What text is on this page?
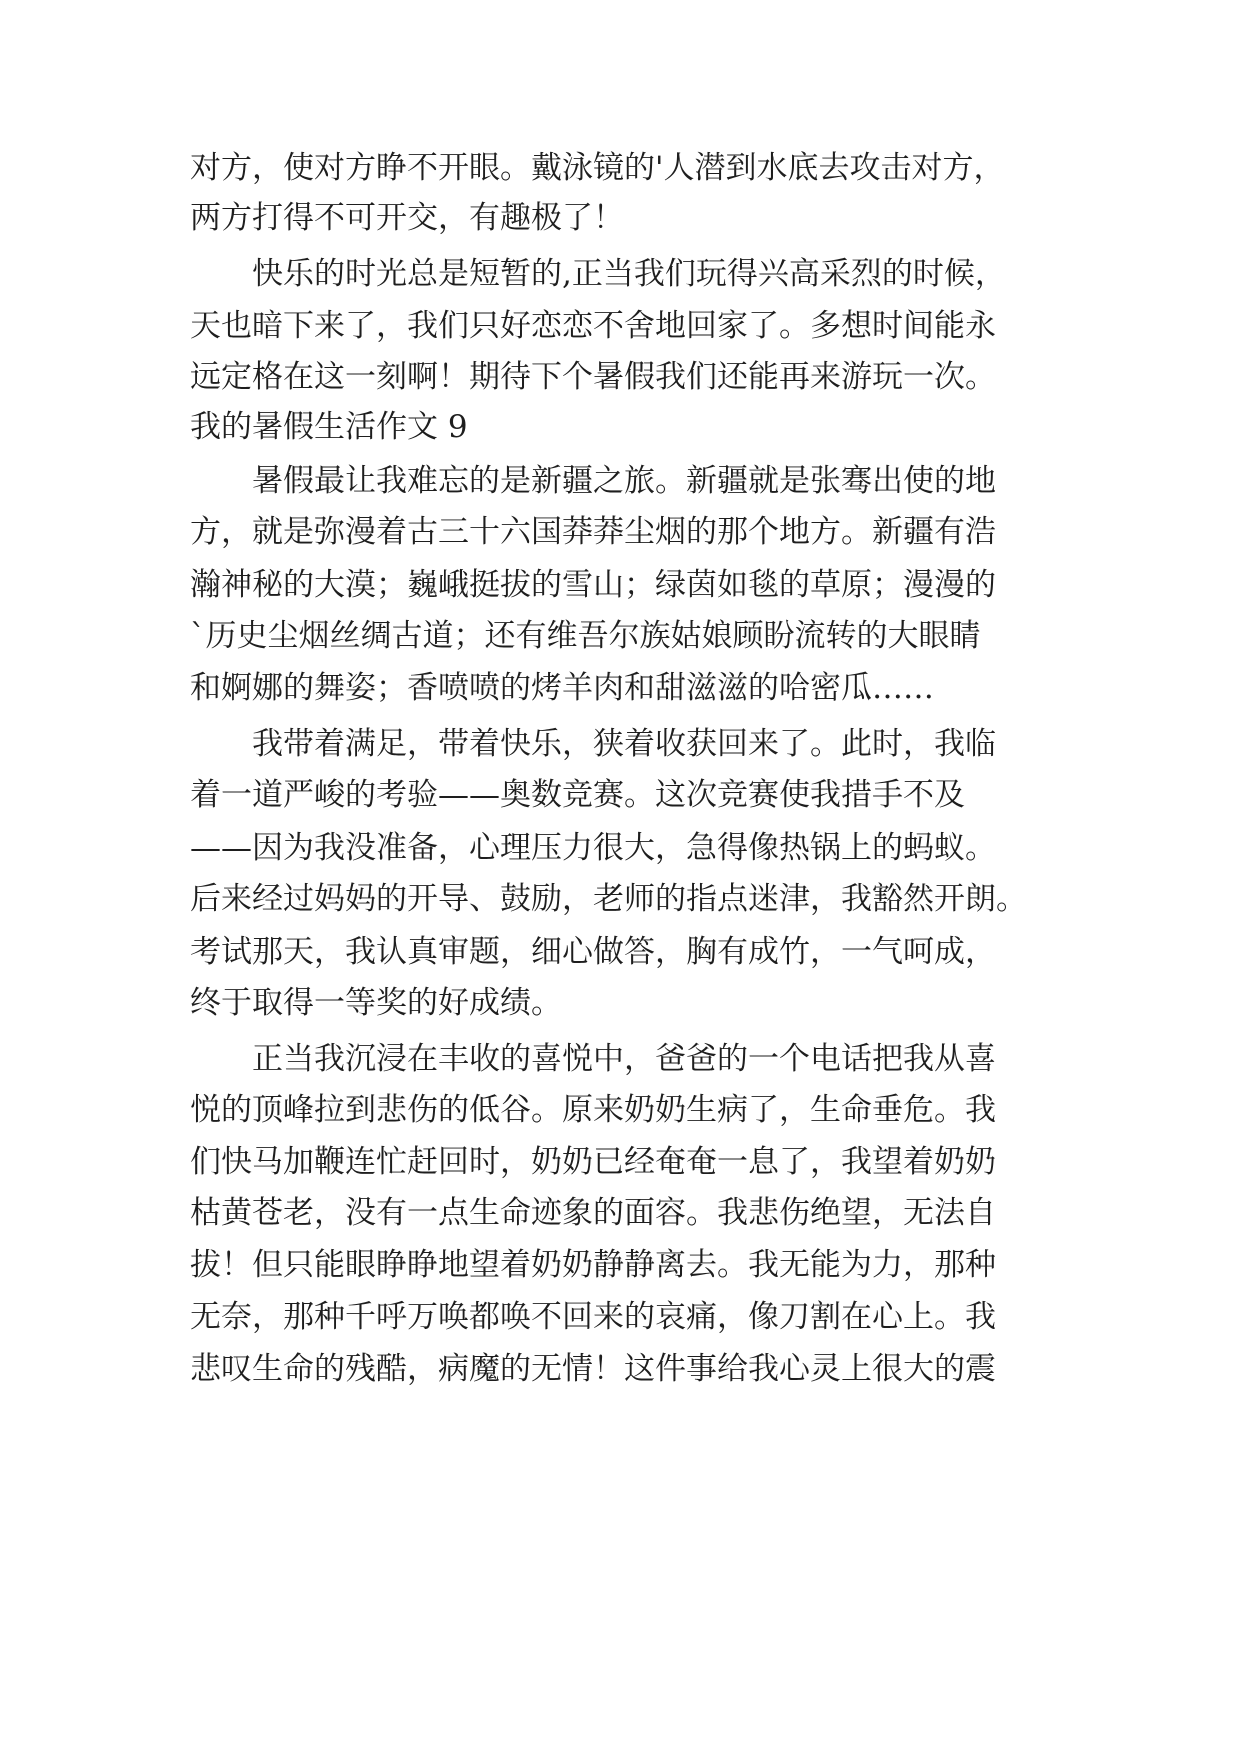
对方，使对方睁不开眼。戴泳镜的'人潜到水底去攻击对方，

两方打得不可开交，有趣极了！

快乐的时光总是短暂的,正当我们玩得兴高采烈的时候，

天也暗下来了，我们只好恋恋不舍地回家了。多想时间能永

远定格在这一刻啊！期待下个暑假我们还能再来游玩一次。

我的暑假生活作文 9

暑假最让我难忘的是新疆之旅。新疆就是张骞出使的地

方，就是弥漫着古三十六国莽莽尘烟的那个地方。新疆有浩

瀚神秘的大漠；巍峨挺拔的雪山；绿茵如毯的草原；漫漫的

`历史尘烟丝绸古道；还有维吾尔族姑娘顾盼流转的大眼睛

和婀娜的舞姿；香喷喷的烤羊肉和甜滋滋的哈密瓜……

我带着满足，带着快乐，狭着收获回来了。此时，我临

着一道严峻的考验——奥数竞赛。这次竞赛使我措手不及

——因为我没准备，心理压力很大，急得像热锅上的蚂蚁。

后来经过妈妈的开导、鼓励，老师的指点迷津，我豁然开朗。

考试那天，我认真审题，细心做答，胸有成竹，一气呵成，

终于取得一等奖的好成绩。

正当我沉浸在丰收的喜悦中，爸爸的一个电话把我从喜

悦的顶峰拉到悲伤的低谷。原来奶奶生病了，生命垂危。我

们快马加鞭连忙赶回时，奶奶已经奄奄一息了，我望着奶奶

枯黄苍老，没有一点生命迹象的面容。我悲伤绝望，无法自

拔！但只能眼睁睁地望着奶奶静静离去。我无能为力，那种

无奈，那种千呼万唤都唤不回来的哀痛，像刀割在心上。我

悲叹生命的残酷，病魔的无情！这件事给我心灵上很大的震
